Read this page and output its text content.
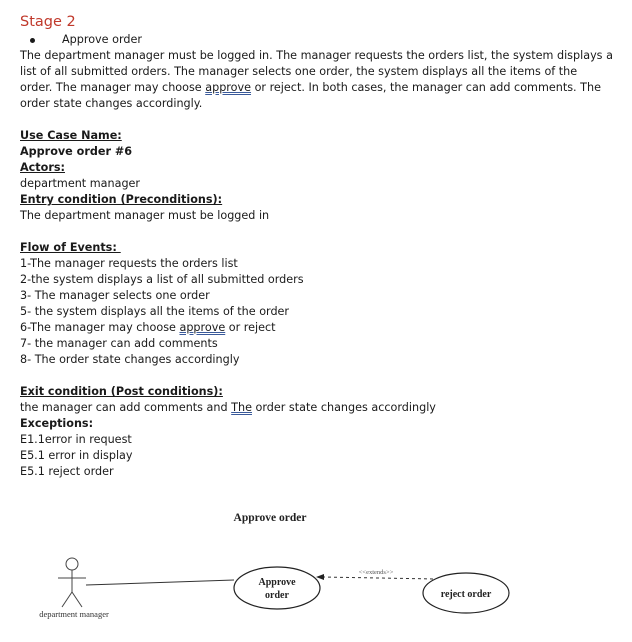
Stage 2
Approve order

The department manager must be logged in. The manager requests the orders list, the system displays a

list of all submitted orders. The manager selects one order, the system displays all the items of the

order. The manager may choose approve or reject. In both cases, the manager can add comments. The

order state changes accordingly.

Use Case Name:

Approve order #6

Actors:

department manager

Entry condition (Preconditions):

The department manager must be logged in

Flow of Events:

1-The manager requests the orders list

2-the system displays a list of all submitted orders

3- The manager selects one order

5- the system displays all the items of the order

6-The manager may choose approve or reject

7- the manager can add comments

8- The order state changes accordingly

Exit condition (Post conditions):

the manager can add comments and The order state changes accordingly

Exceptions:

E1.1error in request

E5.1 error in display

E5.1 reject order

Approve order
department manager
Approve
order
<<extends>>
reject order
